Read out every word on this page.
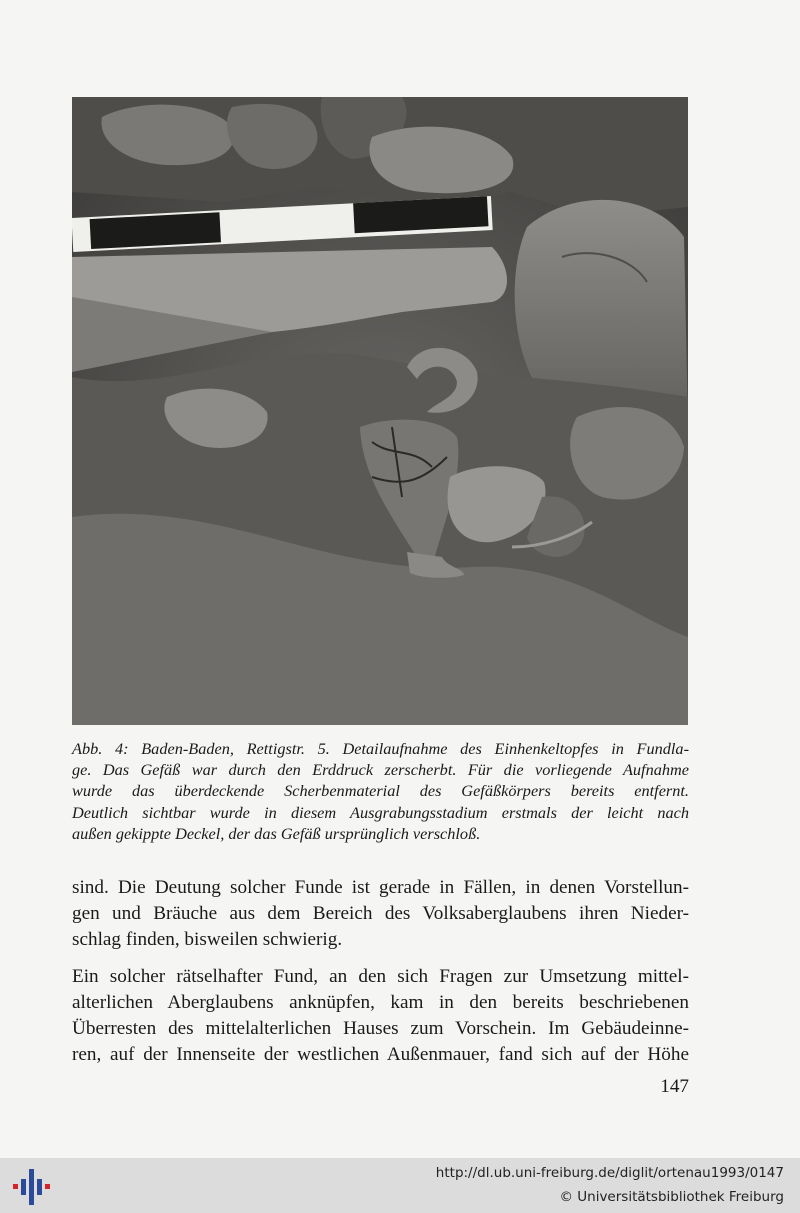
Abb. 4: Baden-Baden, Rettigstr. 5. Detailaufnahme des Einhenkeltopfes in Fundla-
ge. Das Gefäß war durch den Erddruck zerscherbt. Für die vorliegende Aufnahme
wurde das überdeckende Scherbenmaterial des Gefäßkörpers bereits entfernt.
Deutlich sichtbar wurde in diesem Ausgrabungsstadium erstmals der leicht nach
außen gekippte Deckel, der das Gefäß ursprünglich verschloß.

sind. Die Deutung solcher Funde ist gerade in Fällen, in denen Vorstellun-
gen und Bräuche aus dem Bereich des Volksaberglaubens ihren Nieder-
schlag finden, bisweilen schwierig.

Ein solcher rätselhafter Fund, an den sich Fragen zur Umsetzung mittel-
alterlichen Aberglaubens anknüpfen, kam in den bereits beschriebenen
Überresten des mittelalterlichen Hauses zum Vorschein. Im Gebäudeinne-
ren, auf der Innenseite der westlichen Außenmauer, fand sich auf der Höhe

147
http://dl.ub.uni-freiburg.de/diglit/ortenau1993/0147
© Universitätsbibliothek Freiburg
